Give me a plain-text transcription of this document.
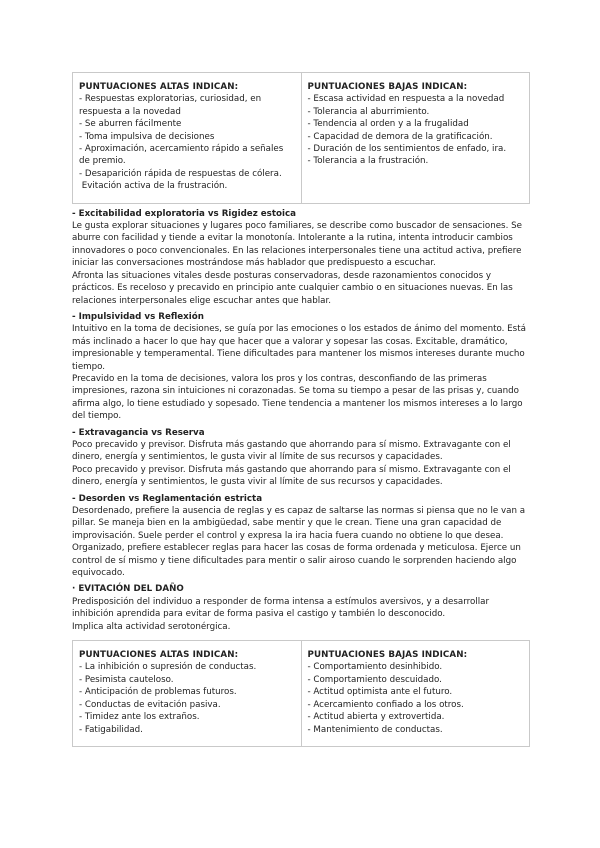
PUNTUACIONES ALTAS INDICAN:
- Respuestas exploratorias, curiosidad, en respuesta a la novedad
- Se aburren fácilmente
- Toma impulsiva de decisiones
- Aproximación, acercamiento rápido a señales de premio.
- Desaparición rápida de respuestas de cólera.
Evitación activa de la frustración.

PUNTUACIONES BAJAS INDICAN:
- Escasa actividad en respuesta a la novedad
- Tolerancia al aburrimiento.
- Tendencia al orden y a la frugalidad
- Capacidad de demora de la gratificación.
- Duración de los sentimientos de enfado, ira.
- Tolerancia a la frustración.
- Excitabilidad exploratoria vs Rigidez estoica

Le gusta explorar situaciones y lugares poco familiares, se describe como buscador de sensaciones. Se aburre con facilidad y tiende a evitar la monotonía. Intolerante a la rutina, intenta introducir cambios innovadores o poco convencionales. En las relaciones interpersonales tiene una actitud activa, prefiere iniciar las conversaciones mostrándose más hablador que predispuesto a escuchar.

Afronta las situaciones vitales desde posturas conservadoras, desde razonamientos conocidos y prácticos. Es receloso y precavido en principio ante cualquier cambio o en situaciones nuevas. En las relaciones interpersonales elige escuchar antes que hablar.

- Impulsividad vs Reflexión

Intuitivo en la toma de decisiones, se guía por las emociones o los estados de ánimo del momento. Está más inclinado a hacer lo que hay que hacer que a valorar y sopesar las cosas. Excitable, dramático, impresionable y temperamental. Tiene dificultades para mantener los mismos intereses durante mucho tiempo.

Precavido en la toma de decisiones, valora los pros y los contras, desconfiando de las primeras impresiones, razona sin intuiciones ni corazonadas. Se toma su tiempo a pesar de las prisas y, cuando afirma algo, lo tiene estudiado y sopesado. Tiene tendencia a mantener los mismos intereses a lo largo del tiempo.

- Extravagancia vs Reserva

Poco precavido y previsor. Disfruta más gastando que ahorrando para sí mismo. Extravagante con el dinero, energía y sentimientos, le gusta vivir al límite de sus recursos y capacidades.

Poco precavido y previsor. Disfruta más gastando que ahorrando para sí mismo. Extravagante con el dinero, energía y sentimientos, le gusta vivir al límite de sus recursos y capacidades.

- Desorden vs Reglamentación estricta

Desordenado, prefiere la ausencia de reglas y es capaz de saltarse las normas si piensa que no le van a pillar. Se maneja bien en la ambigüedad, sabe mentir y que le crean. Tiene una gran capacidad de improvisación. Suele perder el control y expresa la ira hacia fuera cuando no obtiene lo que desea.

Organizado, prefiere establecer reglas para hacer las cosas de forma ordenada y meticulosa. Ejerce un control de sí mismo y tiene dificultades para mentir o salir airoso cuando le sorprenden haciendo algo equivocado.

· EVITACIÓN DEL DAÑO

Predisposición del individuo a responder de forma intensa a estímulos aversivos, y a desarrollar inhibición aprendida para evitar de forma pasiva el castigo y también lo desconocido.

Implica alta actividad serotonérgica.

PUNTUACIONES ALTAS INDICAN:
- La inhibición o supresión de conductas.
- Pesimista cauteloso.
- Anticipación de problemas futuros.
- Conductas de evitación pasiva.
- Timidez ante los extraños.
- Fatigabilidad.

PUNTUACIONES BAJAS INDICAN:
- Comportamiento desinhibido.
- Comportamiento descuidado.
- Actitud optimista ante el futuro.
- Acercamiento confiado a los otros.
- Actitud abierta y extrovertida.
- Mantenimiento de conductas.
